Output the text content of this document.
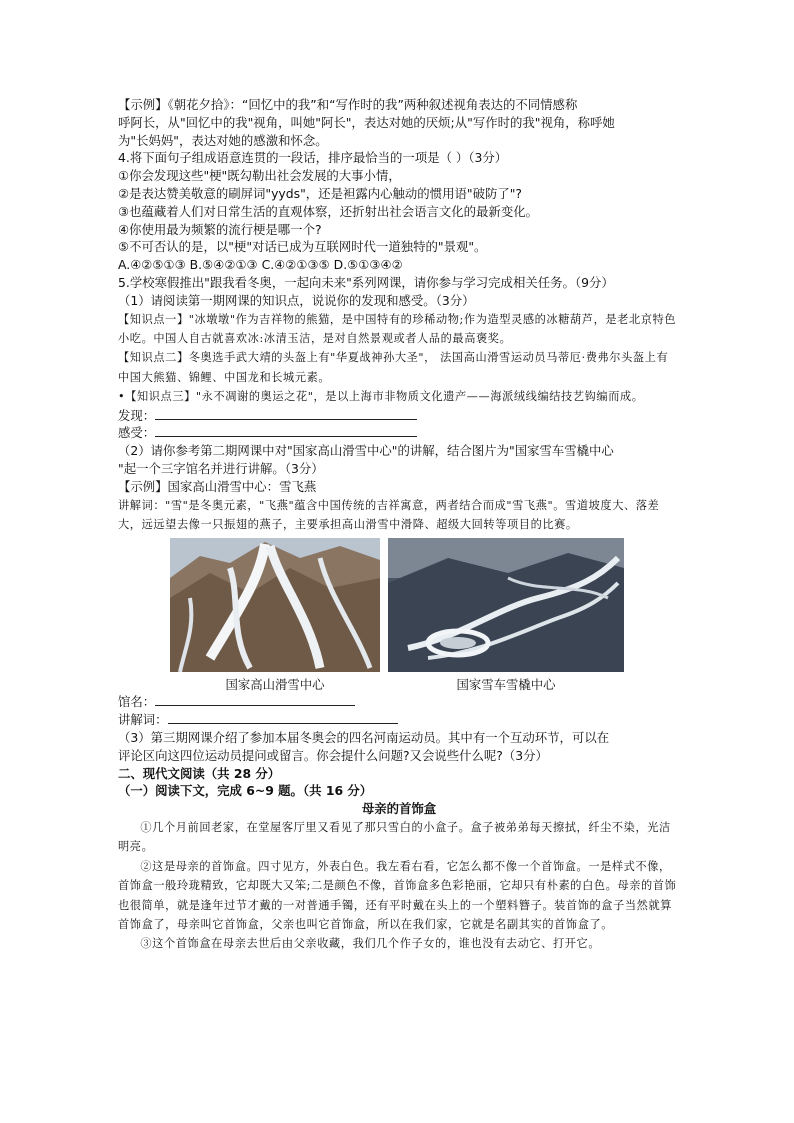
【示例】《朝花夕拾》：“回忆中的我”和“写作时的我”两种叙述视角表达的不同情感称
呼阿长，从"回忆中的我"视角，叫她"阿长"，表达对她的厌烦;从"写作时的我"视角，称呼她
为"长妈妈"，表达对她的感激和怀念。
4.将下面句子组成语意连贯的一段话，排序最恰当的一项是（ ）（3分）
①你会发现这些"梗"既勾勒出社会发展的大事小情，
②是表达赞美敬意的刷屏词"yyds"，还是袒露内心触动的惯用语"破防了"?
③也蕴藏着人们对日常生活的直观体察，还折射出社会语言文化的最新变化。
④你使用最为频繁的流行梗是哪一个?
⑤不可否认的是，以"梗"对话已成为互联网时代一道独特的"景观"。
A.④②⑤①③ B.⑤④②①③ C.④②①③⑤ D.⑤①③④②
5.学校寒假推出"跟我看冬奥，一起向未来"系列网课，请你参与学习完成相关任务。（9分）
（1）请阅读第一期网课的知识点，说说你的发现和感受。（3分）
【知识点一】"冰墩墩"作为吉祥物的熊猫，是中国特有的珍稀动物;作为造型灵感的冰糖葫芦，是老北京特色小吃。中国人自古就喜欢冰:冰清玉洁，是对自然景观或者人品的最高褒奖。
【知识点二】冬奥选手武大靖的头盔上有"华夏战神孙大圣"， 法国高山滑雪运动员马蒂厄·费弗尔头盔上有中国大熊猫、锦鲤、中国龙和长城元素。
•【知识点三】"永不凋谢的奥运之花"，是以上海市非物质文化遗产——海派绒线编结技艺钩编而成。
发现：
感受：
（2）请你参考第二期网课中对"国家高山滑雪中心"的讲解，结合图片为"国家雪车雪橇中心
"起一个三字馆名并进行讲解。（3分）
【示例】国家高山滑雪中心：雪飞燕
讲解词："雪"是冬奥元素，"飞燕"蕴含中国传统的吉祥寓意，两者结合而成"雪飞燕"。雪道坡度大、落差大，远远望去像一只振翅的燕子，主要承担高山滑雪中滑降、超级大回转等项目的比赛。
国家高山滑雪中心	国家雪车雪橇中心
馆名：
讲解词：
（3）第三期网课介绍了参加本届冬奥会的四名河南运动员。其中有一个互动环节，可以在
评论区向这四位运动员提问或留言。你会提什么问题?又会说些什么呢?（3分）
二、现代文阅读（共 28 分）
（一）阅读下文，完成 6~9 题。（共 16 分）
母亲的首饰盒
①几个月前回老家，在堂屋客厅里又看见了那只雪白的小盒子。盒子被弟弟每天擦拭，纤尘不染，光洁明亮。
②这是母亲的首饰盒。四寸见方，外表白色。我左看右看，它怎么都不像一个首饰盒。一是样式不像，首饰盒一般玲珑精致，它却既大又笨;二是颜色不像，首饰盒多色彩艳丽，它却只有朴素的白色。母亲的首饰也很简单，就是逢年过节才戴的一对普通手镯，还有平时戴在头上的一个塑料簪子。装首饰的盒子当然就算首饰盒了，母亲叫它首饰盒，父亲也叫它首饰盒，所以在我们家，它就是名副其实的首饰盒了。
③这个首饰盒在母亲去世后由父亲收藏，我们几个作子女的，谁也没有去动它、打开它。
